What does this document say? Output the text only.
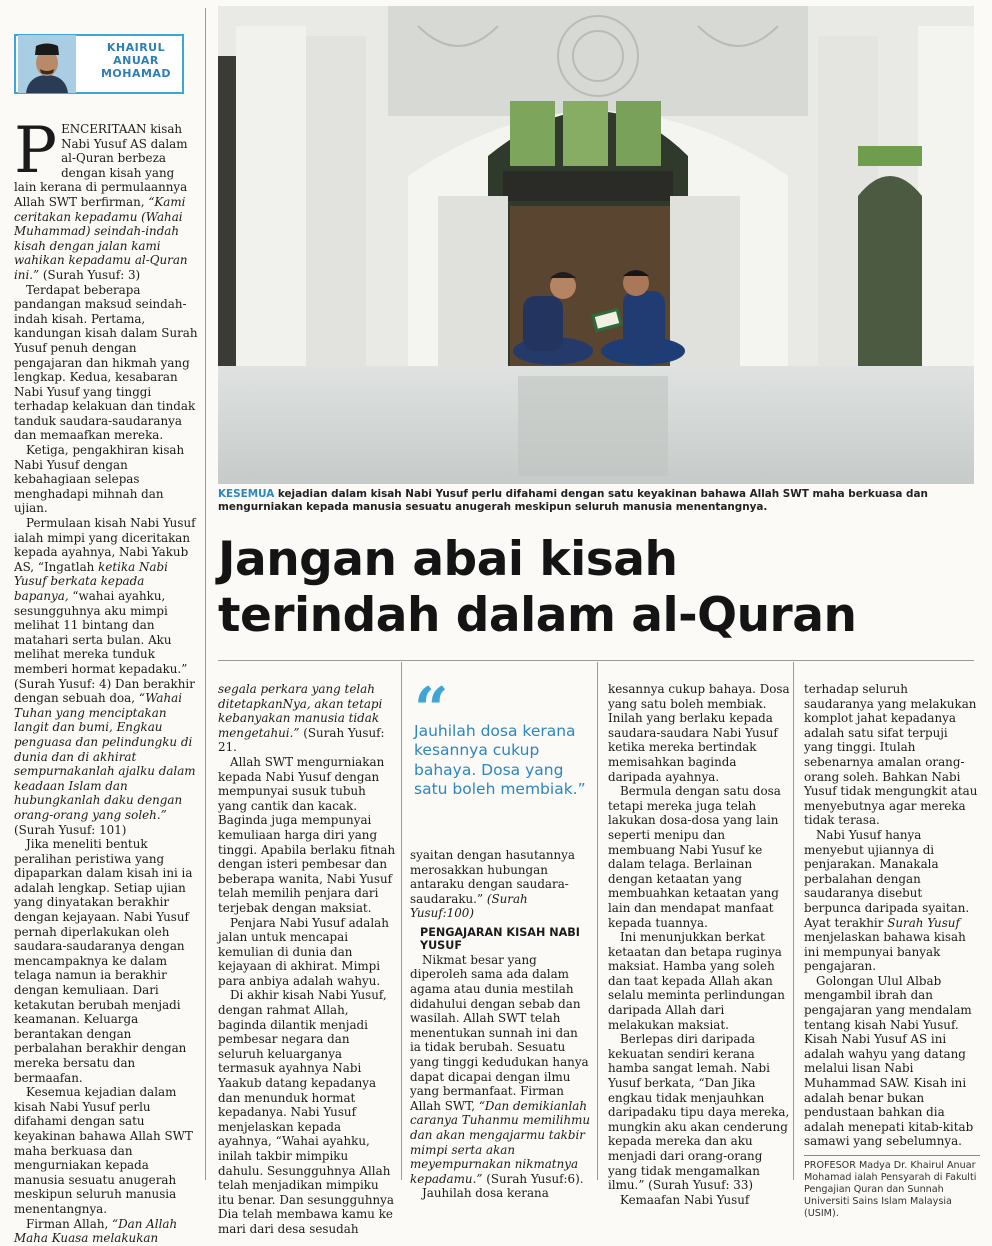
KHAIRUL ANUAR MOHAMAD
KESEMUA kejadian dalam kisah Nabi Yusuf perlu difahami dengan satu keyakinan bahawa Allah SWT maha berkuasa dan mengurniakan kepada manusia sesuatu anugerah meskipun seluruh manusia menentangnya.
Jangan abai kisah
terindah dalam al-Quran

PENCERITAAN kisah Nabi Yusuf AS dalam al-Quran berbeza dengan kisah yang lain kerana di permulaannya Allah SWT berfirman, “Kami ceritakan kepadamu (Wahai Muhammad) seindah-indah kisah dengan jalan kami wahikan kepadamu al-Quran ini.” (Surah Yusuf: 3)

Terdapat beberapa pandangan maksud seindah-indah kisah. Pertama, kandungan kisah dalam Surah Yusuf penuh dengan pengajaran dan hikmah yang lengkap. Kedua, kesabaran Nabi Yusuf yang tinggi terhadap kelakuan dan tindak tanduk saudara-saudaranya dan memaafkan mereka.

Ketiga, pengakhiran kisah Nabi Yusuf dengan kebahagiaan selepas menghadapi mihnah dan ujian.

Permulaan kisah Nabi Yusuf ialah mimpi yang diceritakan kepada ayahnya, Nabi Yakub AS, “Ingatlah ketika Nabi Yusuf berkata kepada bapanya, “wahai ayahku, sesungguhnya aku mimpi melihat 11 bintang dan matahari serta bulan. Aku melihat mereka tunduk memberi hormat kepadaku.” (Surah Yusuf: 4) Dan berakhir dengan sebuah doa, “Wahai Tuhan yang menciptakan langit dan bumi, Engkau penguasa dan pelindungku di dunia dan di akhirat sempurnakanlah ajalku dalam keadaan Islam dan hubungkanlah daku dengan orang-orang yang soleh.” (Surah Yusuf: 101)

Jika meneliti bentuk peralihan peristiwa yang dipaparkan dalam kisah ini ia adalah lengkap. Setiap ujian yang dinyatakan berakhir dengan kejayaan. Nabi Yusuf pernah diperlakukan oleh saudara-saudaranya dengan mencampaknya ke dalam telaga namun ia berakhir dengan kemuliaan. Dari ketakutan berubah menjadi keamanan. Keluarga berantakan dengan perbalahan berakhir dengan mereka bersatu dan bermaafan.

Kesemua kejadian dalam kisah Nabi Yusuf perlu difahami dengan satu keyakinan bahawa Allah SWT maha berkuasa dan mengurniakan kepada manusia sesuatu anugerah meskipun seluruh manusia menentangnya.

Firman Allah, “Dan Allah Maha Kuasa melakukan

segala perkara yang telah ditetapkanNya, akan tetapi kebanyakan manusia tidak mengetahui.” (Surah Yusuf: 21.

Allah SWT mengurniakan kepada Nabi Yusuf dengan mempunyai susuk tubuh yang cantik dan kacak. Baginda juga mempunyai kemuliaan harga diri yang tinggi. Apabila berlaku fitnah dengan isteri pembesar dan beberapa wanita, Nabi Yusuf telah memilih penjara dari terjebak dengan maksiat.

Penjara Nabi Yusuf adalah jalan untuk mencapai kemulian di dunia dan kejayaan di akhirat. Mimpi para anbiya adalah wahyu.

Di akhir kisah Nabi Yusuf, dengan rahmat Allah, baginda dilantik menjadi pembesar negara dan seluruh keluarganya termasuk ayahnya Nabi Yaakub datang kepadanya dan menunduk hormat kepadanya. Nabi Yusuf menjelaskan kepada ayahnya, “Wahai ayahku, inilah takbir mimpiku dahulu. Sesungguhnya Allah telah menjadikan mimpiku itu benar. Dan sesungguhnya Dia telah membawa kamu ke mari dari desa sesudah

“
Jauhilah dosa kerana kesannya cukup bahaya. Dosa yang satu boleh membiak.”

syaitan dengan hasutannya merosakkan hubungan antaraku dengan saudara-saudaraku.” (Surah Yusuf:100)

PENGAJARAN KISAH NABI YUSUF

Nikmat besar yang diperoleh sama ada dalam agama atau dunia mestilah didahului dengan sebab dan wasilah. Allah SWT telah menentukan sunnah ini dan ia tidak berubah. Sesuatu yang tinggi kedudukan hanya dapat dicapai dengan ilmu yang bermanfaat. Firman Allah SWT, “Dan demikianlah caranya Tuhanmu memilihmu dan akan mengajarmu takbir mimpi serta akan meyempurnakan nikmatnya kepadamu.” (Surah Yusuf:6).

Jauhilah dosa kerana

kesannya cukup bahaya. Dosa yang satu boleh membiak. Inilah yang berlaku kepada saudara-saudara Nabi Yusuf ketika mereka bertindak memisahkan baginda daripada ayahnya.

Bermula dengan satu dosa tetapi mereka juga telah lakukan dosa-dosa yang lain seperti menipu dan membuang Nabi Yusuf ke dalam telaga. Berlainan dengan ketaatan yang membuahkan ketaatan yang lain dan mendapat manfaat kepada tuannya.

Ini menunjukkan berkat ketaatan dan betapa ruginya maksiat. Hamba yang soleh dan taat kepada Allah akan selalu meminta perlindungan daripada Allah dari melakukan maksiat.

Berlepas diri daripada kekuatan sendiri kerana hamba sangat lemah. Nabi Yusuf berkata, “Dan Jika engkau tidak menjauhkan daripadaku tipu daya mereka, mungkin aku akan cenderung kepada mereka dan aku menjadi dari orang-orang yang tidak mengamalkan ilmu.” (Surah Yusuf: 33)

Kemaafan Nabi Yusuf

terhadap seluruh saudaranya yang melakukan komplot jahat kepadanya adalah satu sifat terpuji yang tinggi. Itulah sebenarnya amalan orang-orang soleh. Bahkan Nabi Yusuf tidak mengungkit atau menyebutnya agar mereka tidak terasa.

Nabi Yusuf hanya menyebut ujiannya di penjarakan. Manakala perbalahan dengan saudaranya disebut berpunca daripada syaitan. Ayat terakhir Surah Yusuf menjelaskan bahawa kisah ini mempunyai banyak pengajaran.

Golongan Ulul Albab mengambil ibrah dan pengajaran yang mendalam tentang kisah Nabi Yusuf. Kisah Nabi Yusuf AS ini adalah wahyu yang datang melalui lisan Nabi Muhammad SAW. Kisah ini adalah benar bukan pendustaan bahkan dia adalah menepati kitab-kitab samawi yang sebelumnya.

PROFESOR Madya Dr. Khairul Anuar Mohamad ialah Pensyarah di Fakulti Pengajian Quran dan Sunnah Universiti Sains Islam Malaysia (USIM).
